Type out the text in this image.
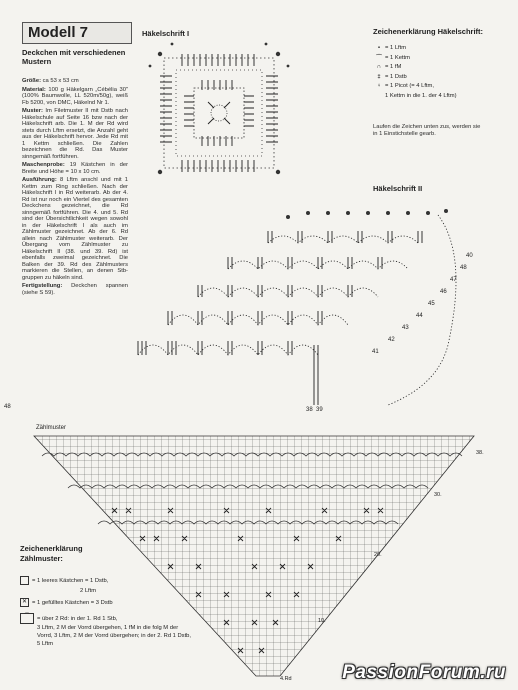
48
Modell 7
Deckchen mit verschiedenen Mustern

Größe: ca 53 x 53 cm

Material: 100 g Häkelgarn „Cébélia 30" (100% Baumwolle, LL 520m/50g), weiß Fb 5200, von DMC, Häkelnd Nr 1.

Muster: Im Filetmuster II mit Dstb nach Häkelschule auf Seite 16 bzw nach der Häkelschrift arb. Die 1. M der Rd wird stets durch Lftm ersetzt, die Anzahl geht aus der Häkelschrift hervor. Jede Rd mit 1 Kettm schließen. Die Zahlen bezeichnen die Rd. Das Muster sinngemäß fortführen.

Maschenprobe: 19 Kästchen in der Breite und Höhe = 10 x 10 cm.

Ausführung: 8 Lftm anschl und mit 1 Kettm zum Ring schließen. Nach der Häkelschrift I in Rd weiterarb. Ab der 4. Rd ist nur noch ein Viertel des gesamten Deckchens gezeichnet, die Rd sinngemäß fortführen. Die 4. und 5. Rd sind der Übersichtlichkeit wegen sowohl in der Häkelschrift I als auch im Zählmuster gezeichnet. Ab der 6. Rd allein nach Zählmuster weiterarb. Der Übergang vom Zählmuster zu Häkelschrift II (38. und 39. Rd) ist ebenfalls zweimal gezeichnet. Die Balken der 39. Rd des Zählmusters markieren die Stellen, an denen Stb-gruppen zu häkeln sind.

Fertigstellung: Deckchen spannen (siehe S 59).

Häkelschrift I	Zeichenerklärung Häkelschrift:
• = 1 Lftm
⌒ = 1 Kettm
∩ = 1 fM
‡ = 1 Dstb
♀ = 1 Picot (= 4 Lftm,
1 Kettm in die 1. der 4 Lftm)
Laufen die Zeichen unten zus, werden sie in 1 Einstichstelle gearb.
Häkelschrift II
39
38
48
47
46
45
44
43
42
41
40
Zählmuster
38.
30.
20.
10.
4.Rd
Zeichenerklärung
Zählmuster:
= 1 leeres Kästchen = 1 Dstb,
2 Lftm
✕ = 1 gefülltes Kästchen = 3 Dstb
⌒ = über 2 Rd: in der 1. Rd 1 Stb,
3 Lftm, 2 M der Vorrd übergehen, 1 fM in die folg M der Vorrd, 3 Lftm, 2 M der Vorrd übergehen; in der 2. Rd 1 Dstb, 5 Lftm
PassionForum.ru
